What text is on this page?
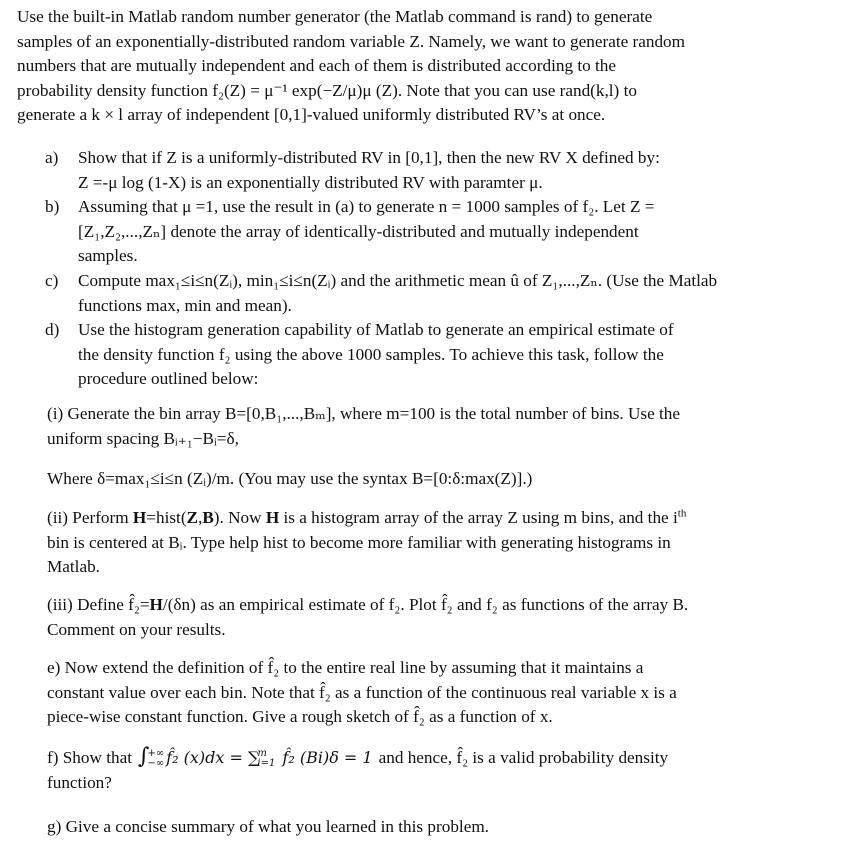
Use the built-in Matlab random number generator (the Matlab command is rand) to generate

samples of an exponentially-distributed random variable Z. Namely, we want to generate random

numbers that are mutually independent and each of them is distributed according to the

probability density function f₂(Z) = μ⁻¹ exp(−Z/μ)μ (Z). Note that you can use rand(k,l) to

generate a k × l array of independent [0,1]-valued uniformly distributed RV’s at once.

a)	Show that if Z is a uniformly-distributed RV in [0,1], then the new RV X defined by:
Z =-μ log (1-X) is an exponentially distributed RV with paramter μ.
b)	Assuming that μ =1, use the result in (a) to generate n = 1000 samples of f₂. Let Z =
[Z₁,Z₂,...,Zₙ] denote the array of identically-distributed and mutually independent
samples.
c)	Compute max₁≤i≤n(Zᵢ), min₁≤i≤n(Zᵢ) and the arithmetic mean û of Z₁,...,Zₙ. (Use the Matlab
functions max, min and mean).
d)	Use the histogram generation capability of Matlab to generate an empirical estimate of
the density function f₂ using the above 1000 samples. To achieve this task, follow the
procedure outlined below:
(i) Generate the bin array B=[0,B₁,...,Bₘ], where m=100 is the total number of bins. Use the
uniform spacing Bᵢ₊₁−Bᵢ=δ,
Where δ=max₁≤i≤n (Zᵢ)/m. (You may use the syntax B=[0:δ:max(Z)].)
(ii) Perform H=hist(Z,B). Now H is a histogram array of the array Z using m bins, and the $i^{th}$
bin is centered at Bᵢ. Type help hist to become more familiar with generating histograms in
Matlab.
(iii) Define f̂₂=H/(δn) as an empirical estimate of f₂. Plot f̂₂ and f₂ as functions of the array B.
Comment on your results.
e) Now extend the definition of f̂₂ to the entire real line by assuming that it maintains a
constant value over each bin. Note that f̂₂ as a function of the continuous real variable x is a
piece-wise constant function. Give a rough sketch of f̂₂ as a function of x.
f) Show that ∫
+∞
−∞ f̂₂ (x)dx = ∑
m
i=1 f̂₂ (Bi)δ = 1 and hence, f̂₂ is a valid probability density
function?
g) Give a concise summary of what you learned in this problem.
